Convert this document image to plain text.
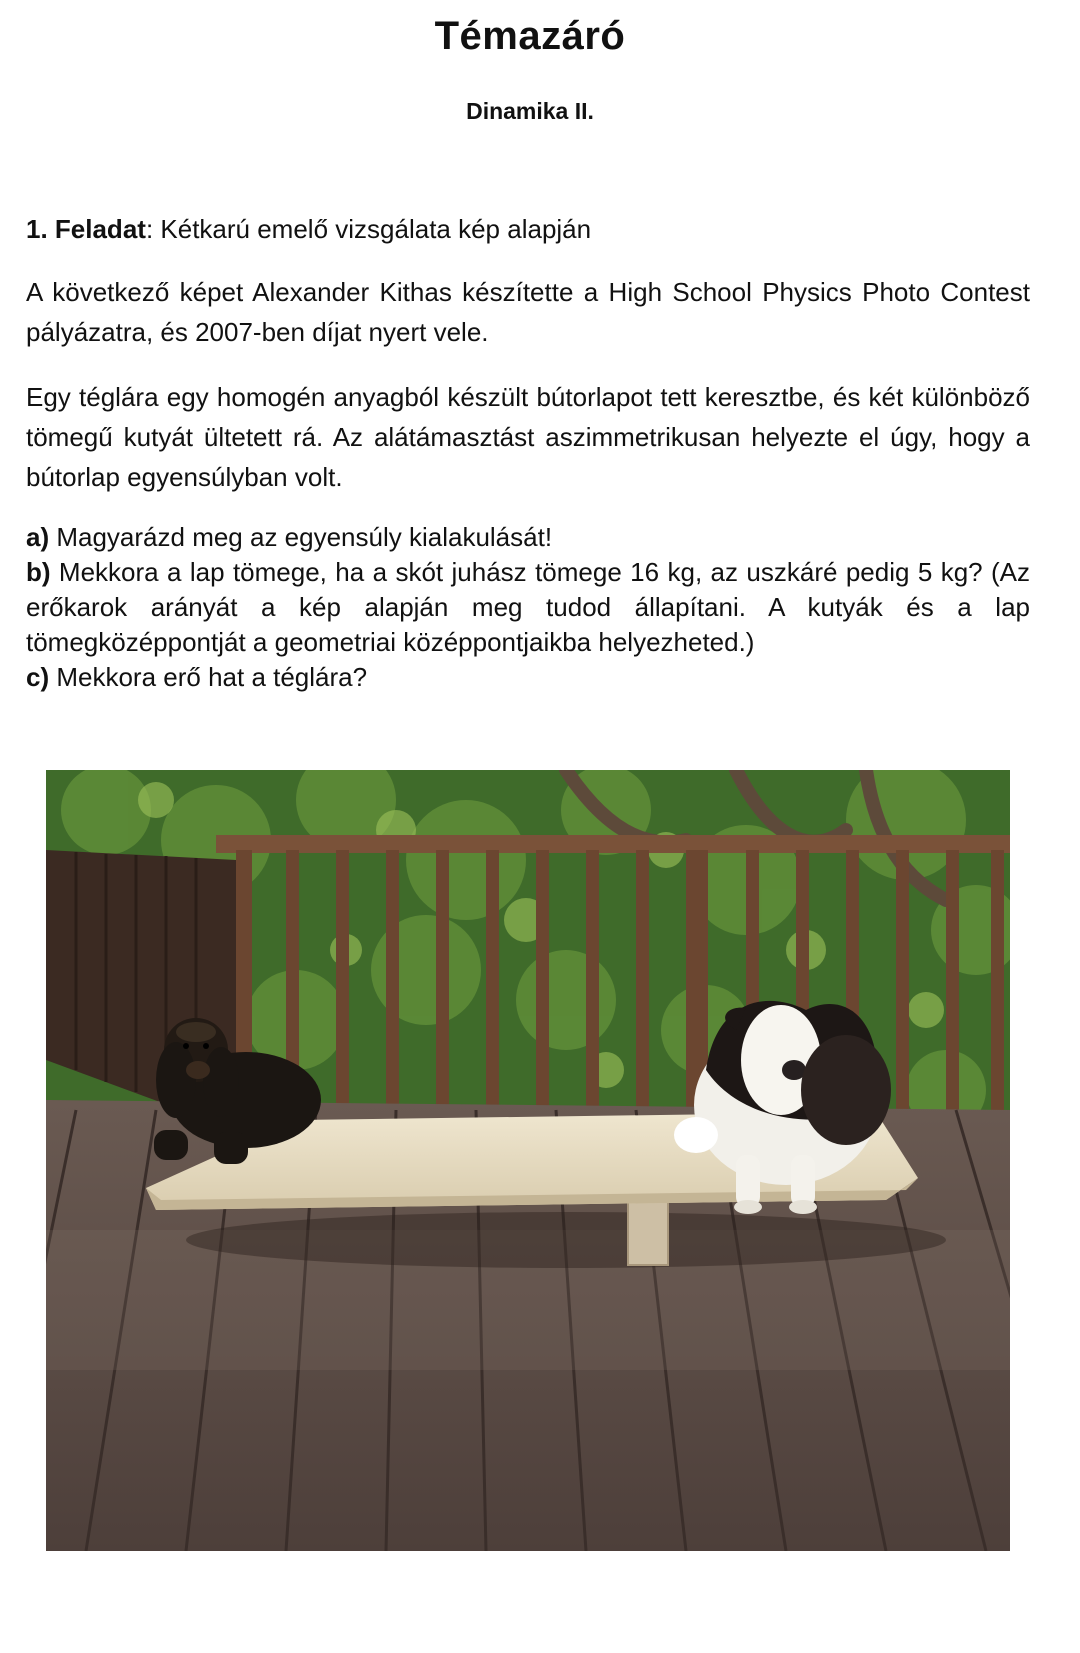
Témazáró
Dinamika II.
1. Feladat: Kétkarú emelő vizsgálata kép alapján
A következő képet Alexander Kithas készítette a High School Physics Photo Contest pályázatra, és 2007-ben díjat nyert vele.
Egy téglára egy homogén anyagból készült bútorlapot tett keresztbe, és két különböző tömegű kutyát ültetett rá. Az alátámasztást aszimmetrikusan helyezte el úgy, hogy a bútorlap egyensúlyban volt.
a) Magyarázd meg az egyensúly kialakulását!
b) Mekkora a lap tömege, ha a skót juhász tömege 16 kg, az uszkáré pedig 5 kg? (Az erőkarok arányát a kép alapján meg tudod állapítani. A kutyák és a lap tömegközéppontját a geometriai középpontjaikba helyezheted.)
c) Mekkora erő hat a téglára?
